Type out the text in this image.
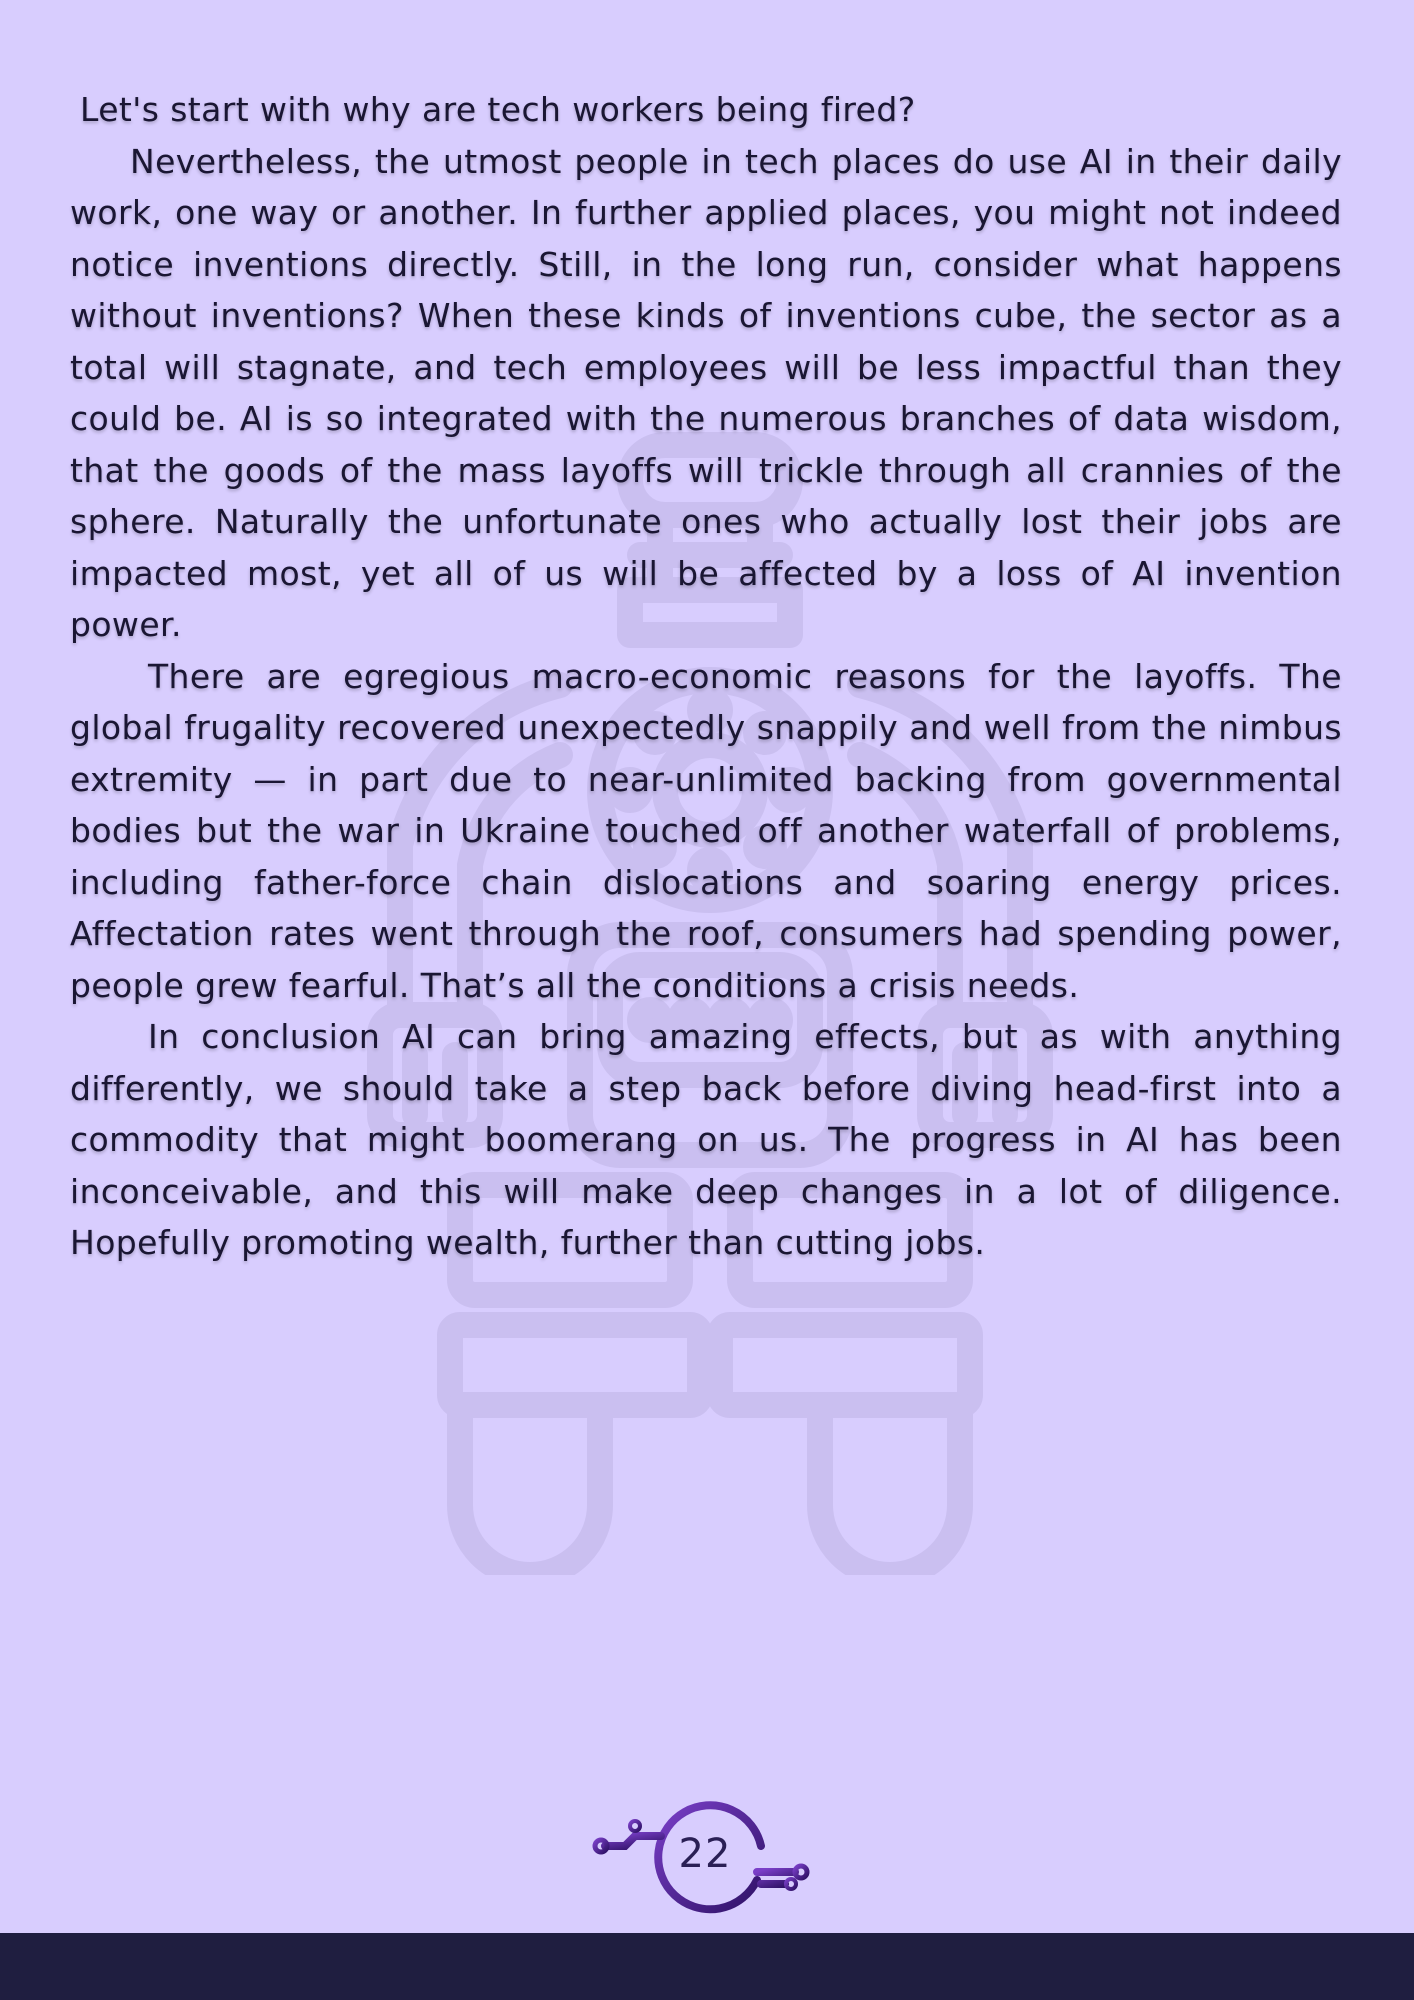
Let's start with why are tech workers being fired?

Nevertheless, the utmost people in tech places do use AI in their daily work, one way or another. In further applied places, you might not indeed notice inventions directly. Still, in the long run, consider what happens without inventions? When these kinds of inventions cube, the sector as a total will stagnate, and tech employees will be less impactful than they could be. AI is so integrated with the numerous branches of data wisdom, that the goods of the mass layoffs will trickle through all crannies of the sphere. Naturally the unfortunate ones who actually lost their jobs are impacted most, yet all of us will be affected by a loss of AI invention power.

There are egregious macro-economic reasons for the layoffs. The global frugality recovered unexpectedly snappily and well from the nimbus extremity — in part due to near-unlimited backing from governmental bodies but the war in Ukraine touched off another waterfall of problems, including father-force chain dislocations and soaring energy prices. Affectation rates went through the roof, consumers had spending power, people grew fearful. That’s all the conditions a crisis needs.

In conclusion AI can bring amazing effects, but as with anything differently, we should take a step back before diving head-first into a commodity that might boomerang on us. The progress in AI has been inconceivable, and this will make deep changes in a lot of diligence. Hopefully promoting wealth, further than cutting jobs.

22
